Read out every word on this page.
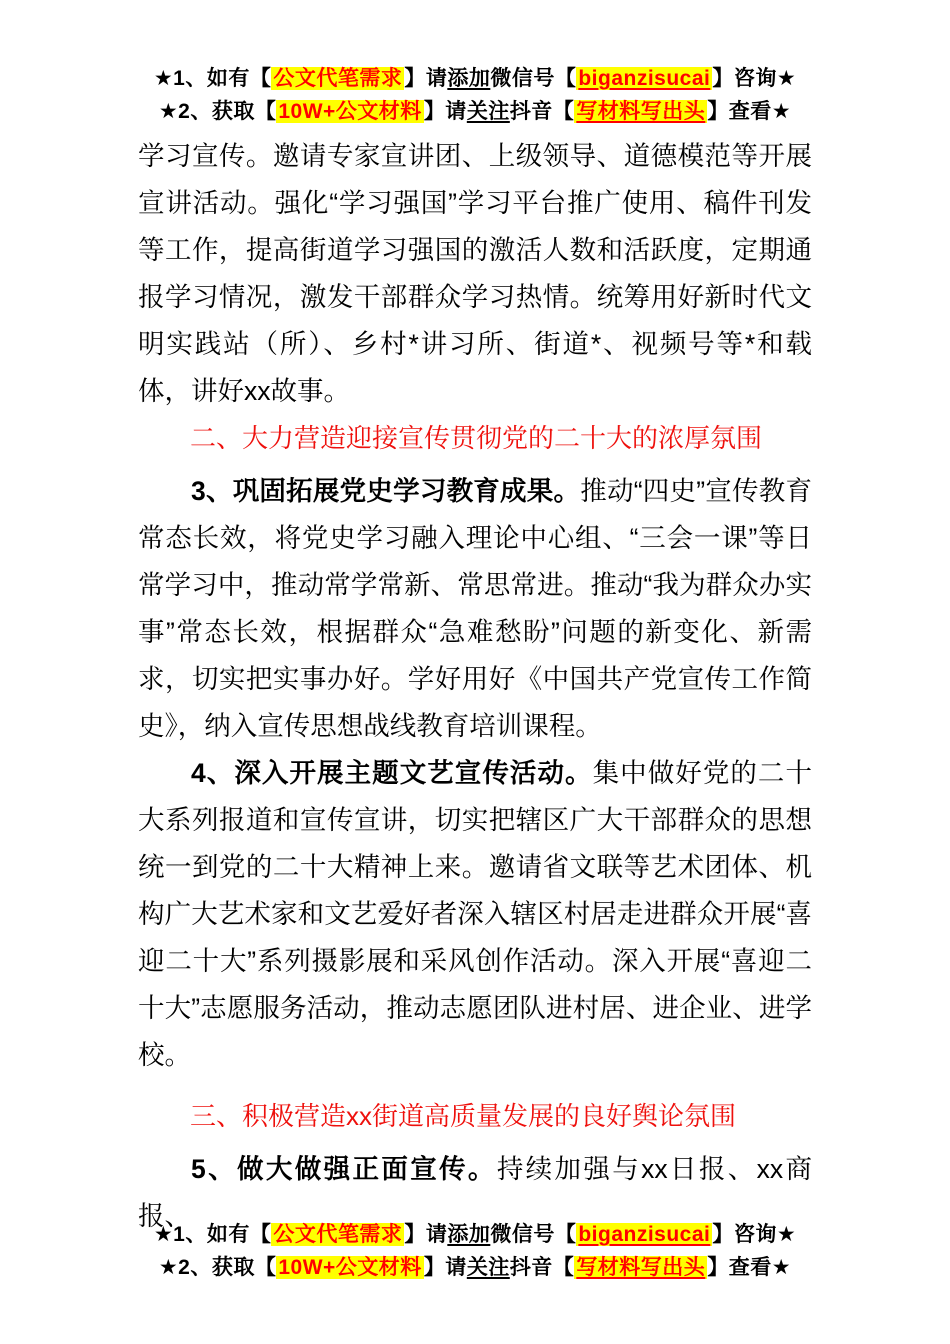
★1、如有【公文代笔需求】请添加微信号【biganzisucai】咨询★
★2、获取【10W+公文材料】请关注抖音【写材料写出头】查看★

学习宣传。邀请专家宣讲团、上级领导、道德模范等开展宣讲活动。强化“学习强国”学习平台推广使用、稿件刊发等工作，提高街道学习强国的激活人数和活跃度，定期通报学习情况，激发干部群众学习热情。统筹用好新时代文明实践站（所）、乡村*讲习所、街道*、视频号等*和载体，讲好xx故事。

二、大力营造迎接宣传贯彻党的二十大的浓厚氛围

3、巩固拓展党史学习教育成果。推动“四史”宣传教育常态长效，将党史学习融入理论中心组、“三会一课”等日常学习中，推动常学常新、常思常进。推动“我为群众办实事”常态长效，根据群众“急难愁盼”问题的新变化、新需求，切实把实事办好。学好用好《中国共产党宣传工作简史》，纳入宣传思想战线教育培训课程。

4、深入开展主题文艺宣传活动。集中做好党的二十大系列报道和宣传宣讲，切实把辖区广大干部群众的思想统一到党的二十大精神上来。邀请省文联等艺术团体、机构广大艺术家和文艺爱好者深入辖区村居走进群众开展“喜迎二十大”系列摄影展和采风创作活动。深入开展“喜迎二十大”志愿服务活动，推动志愿团队进村居、进企业、进学校。

三、积极营造xx街道高质量发展的良好舆论氛围

5、做大做强正面宣传。持续加强与xx日报、xx商报、

★1、如有【公文代笔需求】请添加微信号【biganzisucai】咨询★
★2、获取【10W+公文材料】请关注抖音【写材料写出头】查看★
